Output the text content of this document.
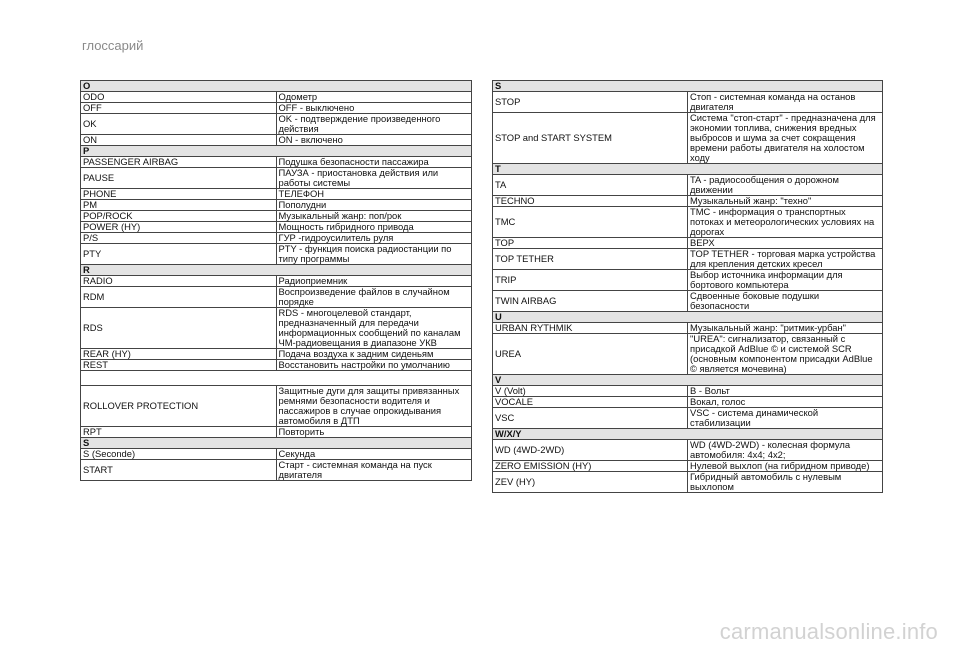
глоссарий
O	
ODO	Одометр
OFF	OFF - выключено
OK	OK - подтверждение произведенного действия
ON	ON - включено
P	
PASSENGER AIRBAG	Подушка безопасности пассажира
PAUSE	ПАУЗА - приостановка действия или работы системы
PHONE	ТЕЛЕФОН
PM	Пополудни
POP/ROCK	Музыкальный жанр: поп/рок
POWER (HY)	Мощность гибридного привода
P/S	ГУР -гидроусилитель руля
PTY	PTY - функция поиска радиостанции по типу программы
R	
RADIO	Радиоприемник
RDM	Воспроизведение файлов в случайном порядке
RDS	RDS - многоцелевой стандарт, предназначенный для передачи информационных сообщений по каналам ЧМ-радиовещания в диапазоне УКВ
REAR (HY)	Подача воздуха к задним сиденьям
REST	Восстановить настройки по умолчанию

ROLLOVER PROTECTION	Защитные дуги для защиты привязанных ремнями безопасности водителя и пассажиров в случае опрокидывания автомобиля в ДТП
RPT	Повторить
S	
S (Seconde)	Секунда
START	Старт - системная команда на пуск двигателя
S	
STOP	Стоп - системная команда на останов двигателя
STOP and START SYSTEM	Система "стоп-старт" - предназначена для экономии топлива, снижения вредных выбросов и шума за счет сокращения времени работы двигателя на холостом ходу
T	
TA	TA - радиосообщения о дорожном движении
TECHNO	Музыкальный жанр: "техно"
TMC	TMC - информация о транспортных потоках и метеорологических условиях на дорогах
TOP	ВЕРХ
TOP TETHER	TOP TETHER - торговая марка устройства для крепления детских кресел
TRIP	Выбор источника информации для бортового компьютера
TWIN AIRBAG	Сдвоенные боковые подушки безопасности
U	
URBAN RYTHMIK	Музыкальный жанр: "ритмик-урбан"
UREA	"UREA": сигнализатор, связанный с присадкой AdBlue © и системой SCR (основным компонентом присадки AdBlue © является мочевина)
V	
V (Volt)	В - Вольт
VOCALE	Вокал, голос
VSC	VSC - система динамической стабилизации
W/X/Y	
WD (4WD-2WD)	WD (4WD-2WD) - колесная формула автомобиля: 4x4; 4x2;
ZERO EMISSION (HY)	Нулевой выхлоп (на гибридном приводе)
ZEV (HY)	Гибридный автомобиль с нулевым выхлопом
carmanualsonline.info
